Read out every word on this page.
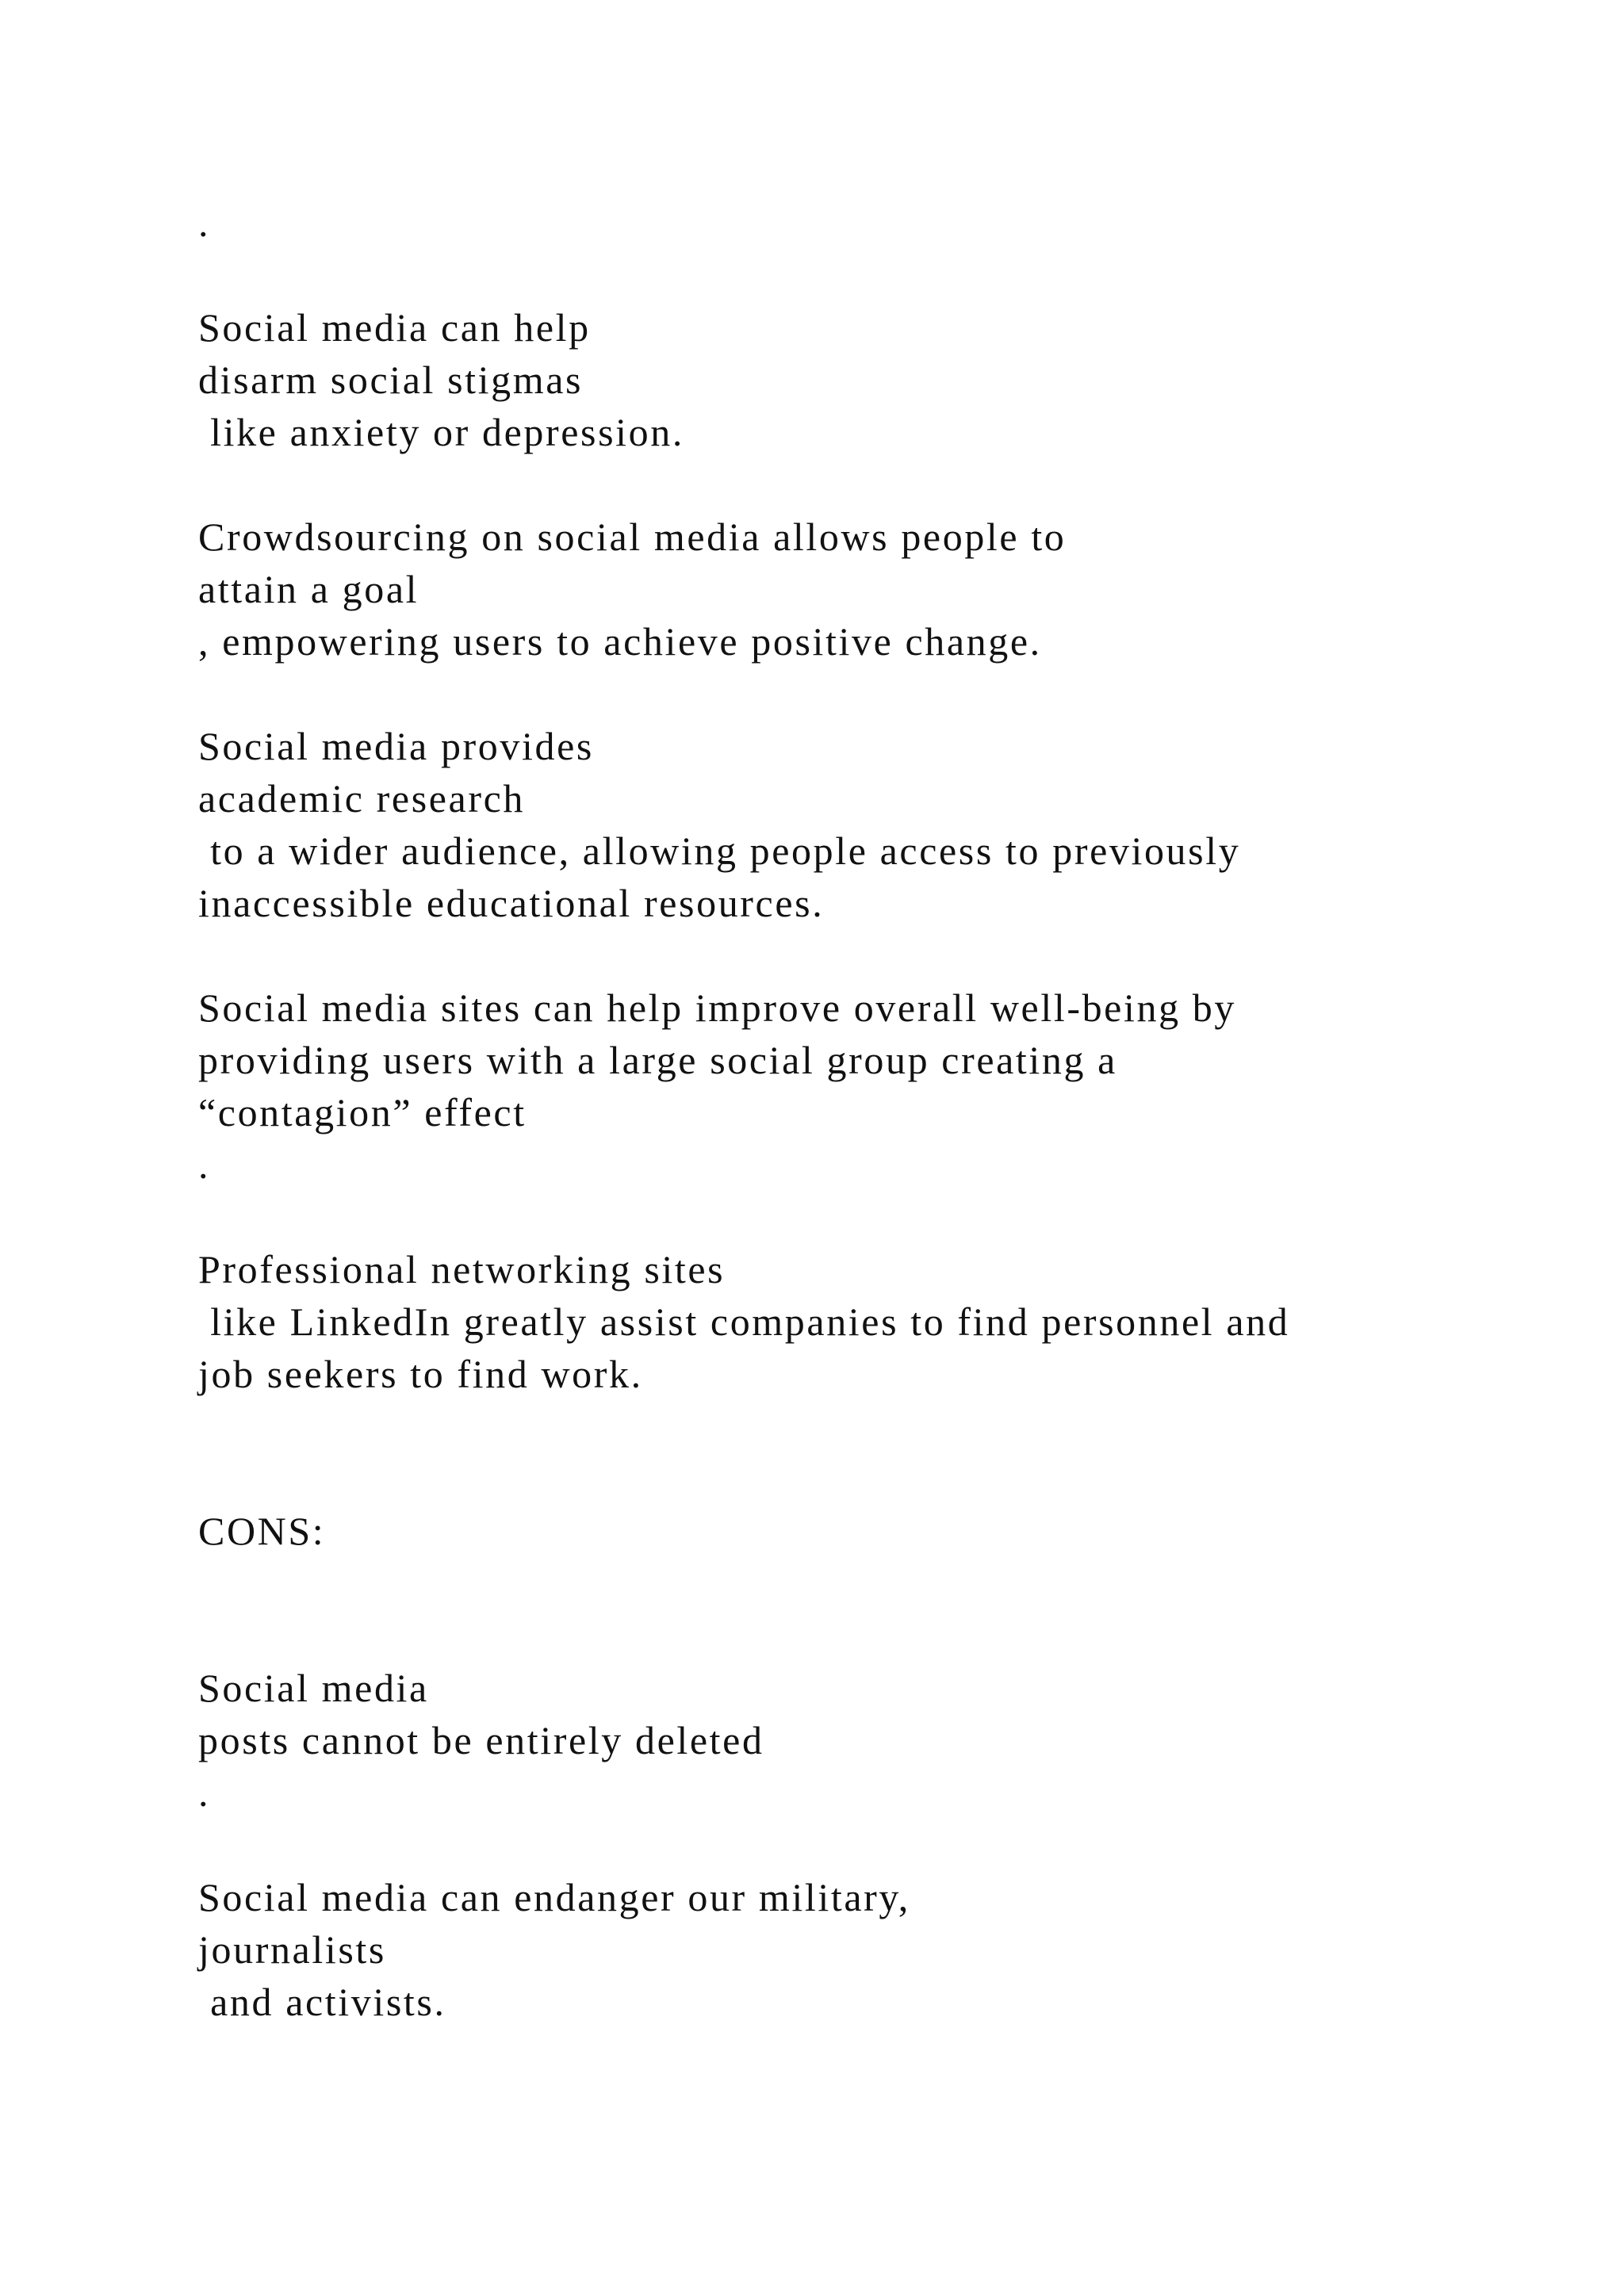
.
Social media can help
disarm social stigmas
like anxiety or depression.
Crowdsourcing on social media allows people to
attain a goal
, empowering users to achieve positive change.
Social media provides
academic research
to a wider audience, allowing people access to previously
inaccessible educational resources.
Social media sites can help improve overall well-being by
providing users with a large social group creating a
“contagion” effect
.
Professional networking sites
like LinkedIn greatly assist companies to find personnel and
job seekers to find work.
CONS:
Social media
posts cannot be entirely deleted
.
Social media can endanger our military,
journalists
and activists.
